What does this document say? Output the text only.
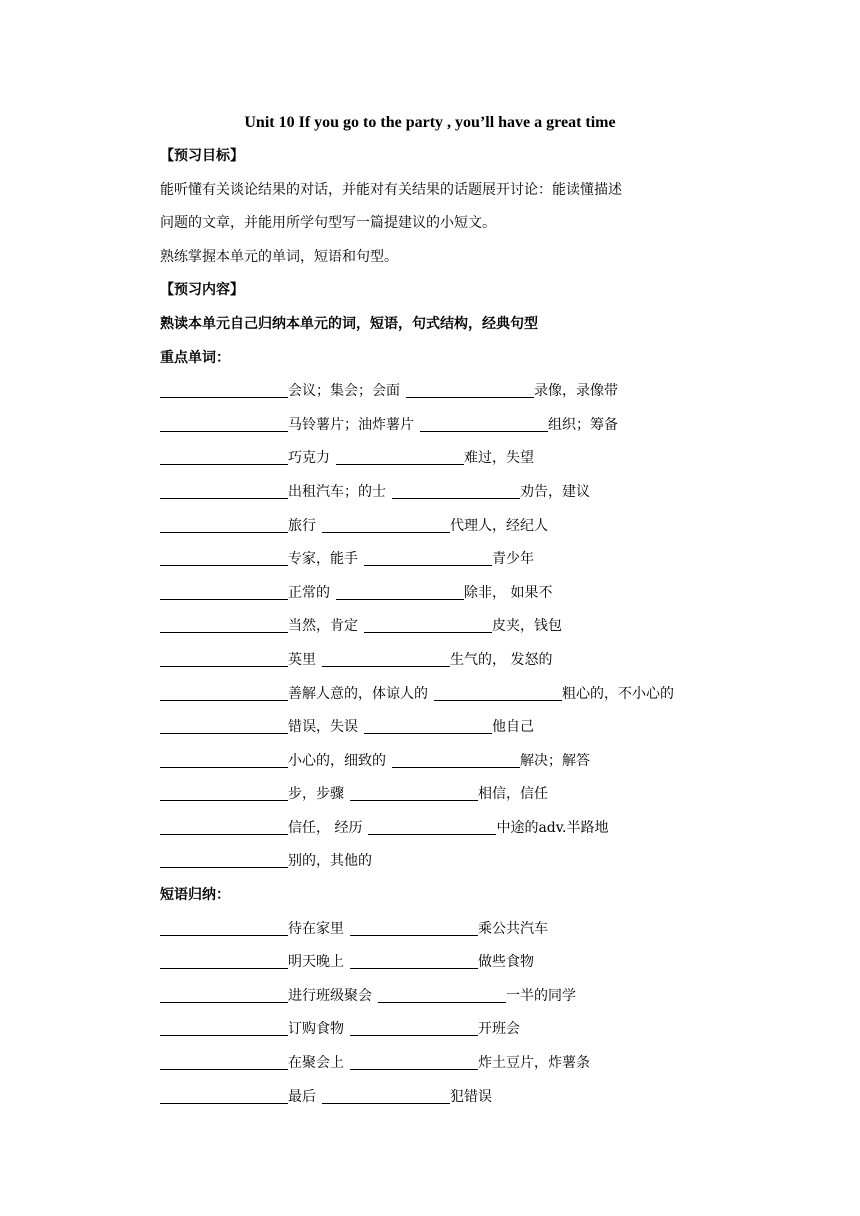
Unit 10 If you go to the party , you’ll have a great time
【预习目标】
能听懂有关谈论结果的对话，并能对有关结果的话题展开讨论：能读懂描述
问题的文章，并能用所学句型写一篇提建议的小短文。
熟练掌握本单元的单词，短语和句型。
【预习内容】
熟读本单元自己归纳本单元的词，短语，句式结构，经典句型
重点单词：
会议；集会；会面	录像，录像带
马铃薯片；油炸薯片	组织；筹备
巧克力	难过，失望
出租汽车；的士	劝告，建议
旅行	代理人，经纪人
专家，能手	青少年
正常的	除非， 如果不
当然，肯定	皮夹，钱包
英里	生气的， 发怒的
善解人意的，体谅人的	粗心的，不小心的
错误，失误	他自己
小心的，细致的	解决；解答
步，步骤	相信，信任
信任， 经历	中途的adv.半路地
别的，其他的
短语归纳：
待在家里	乘公共汽车
明天晚上	做些食物
进行班级聚会	一半的同学
订购食物	开班会
在聚会上	炸土豆片，炸薯条
最后	犯错误
